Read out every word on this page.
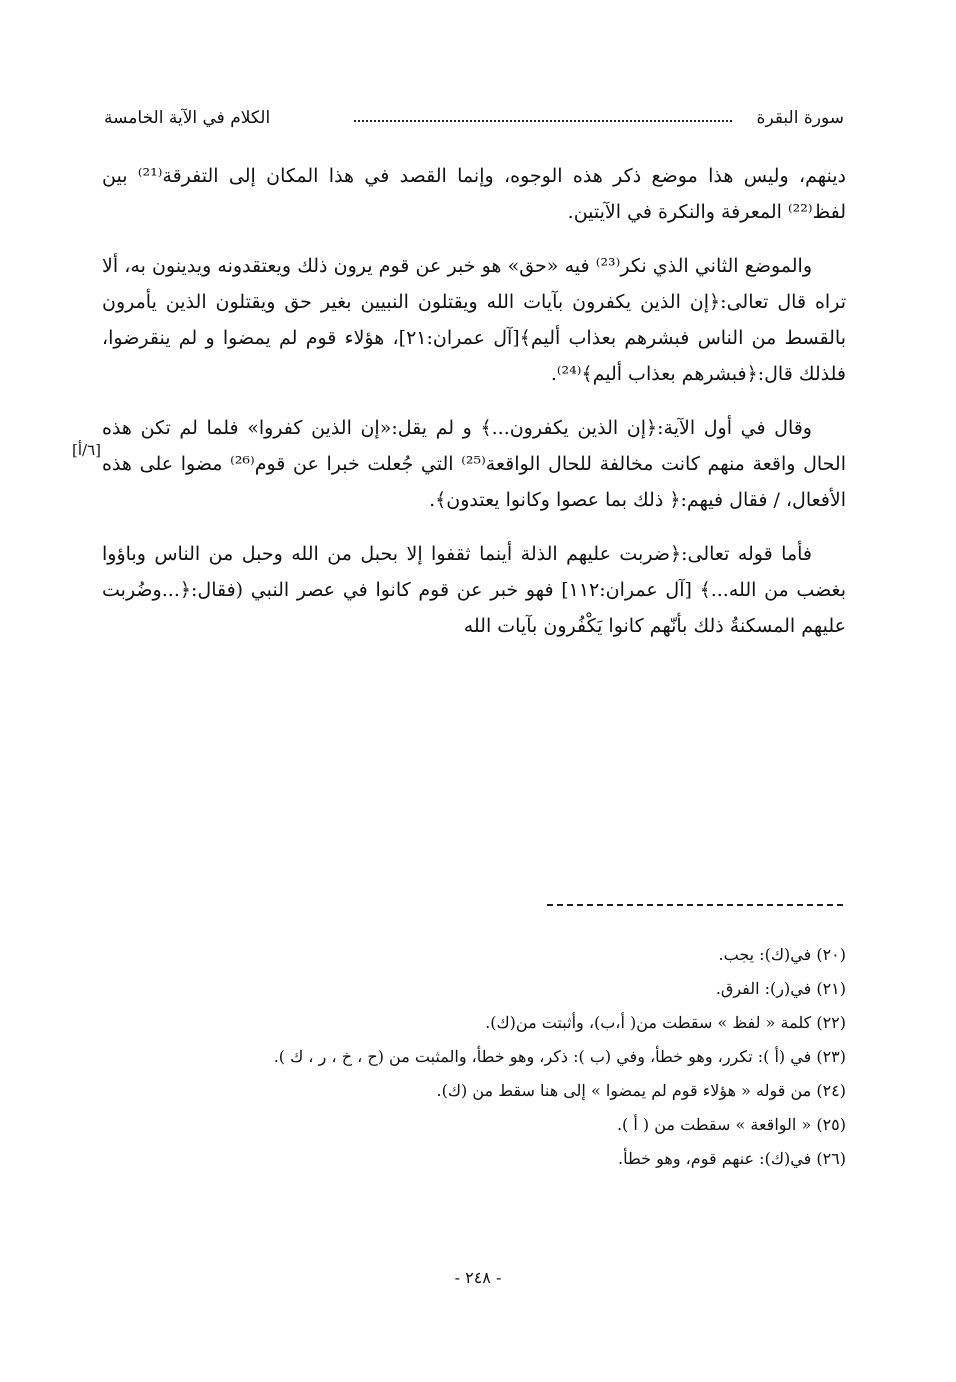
سورة البقرة
الكلام في الآية الخامسة

دينهم، وليس هذا موضع ذكر هذه الوجوه، وإنما القصد في هذا المكان إلى التفرقة⁽²¹⁾ بين لفظ⁽²²⁾ المعرفة والنكرة في الآيتين.

والموضع الثاني الذي نكر⁽²³⁾ فيه «حق» هو خبر عن قوم يرون ذلك ويعتقدونه ويدينون به، ألا تراه قال تعالى:﴿إن الذين يكفرون بآيات الله ويقتلون النبيين بغير حق ويقتلون الذين يأمرون بالقسط من الناس فبشرهم بعذاب أليم﴾[آل عمران:٢١]، هؤلاء قوم لم يمضوا و لم ينقرضوا، فلذلك قال:﴿فبشرهم بعذاب أليم﴾⁽²⁴⁾.

وقال في أول الآية:﴿إن الذين يكفرون...﴾ و لم يقل:«إن الذين كفروا» فلما لم تكن هذه الحال واقعة منهم كانت مخالفة للحال الواقعة⁽²⁵⁾ التي جُعلت خبرا عن قوم⁽²⁶⁾ مضوا على هذه الأفعال، / فقال فيهم:﴿ ذلك بما عصوا وكانوا يعتدون﴾.

فأما قوله تعالى:﴿ضربت عليهم الذلة أينما ثقفوا إلا بحبل من الله وحبل من الناس وباؤوا بغضب من الله...﴾ [آل عمران:١١٢] فهو خبر عن قوم كانوا في عصر النبي (فقال:﴿...وضُربت عليهم المسكنةُ ذلك بأنّهم كانوا يَكْفُرون بآيات الله

[٦/أ]
(٢٠) في(ك): يجب.
(٢١) في(ر): الفرق.
(٢٢) كلمة « لفظ » سقطت من( أ،ب)، وأثبتت من(ك).
(٢٣) في (أ ): تكرر، وهو خطأ، وفي (ب ): ذكر، وهو خطأ، والمثبت من (ح ، خ ، ر ، ك ).
(٢٤) من قوله « هؤلاء قوم لم يمضوا » إلى هنا سقط من (ك).
(٢٥) « الواقعة » سقطت من ( أ ).
(٢٦) في(ك): عنهم قوم، وهو خطأ.
- ٢٤٨ -
